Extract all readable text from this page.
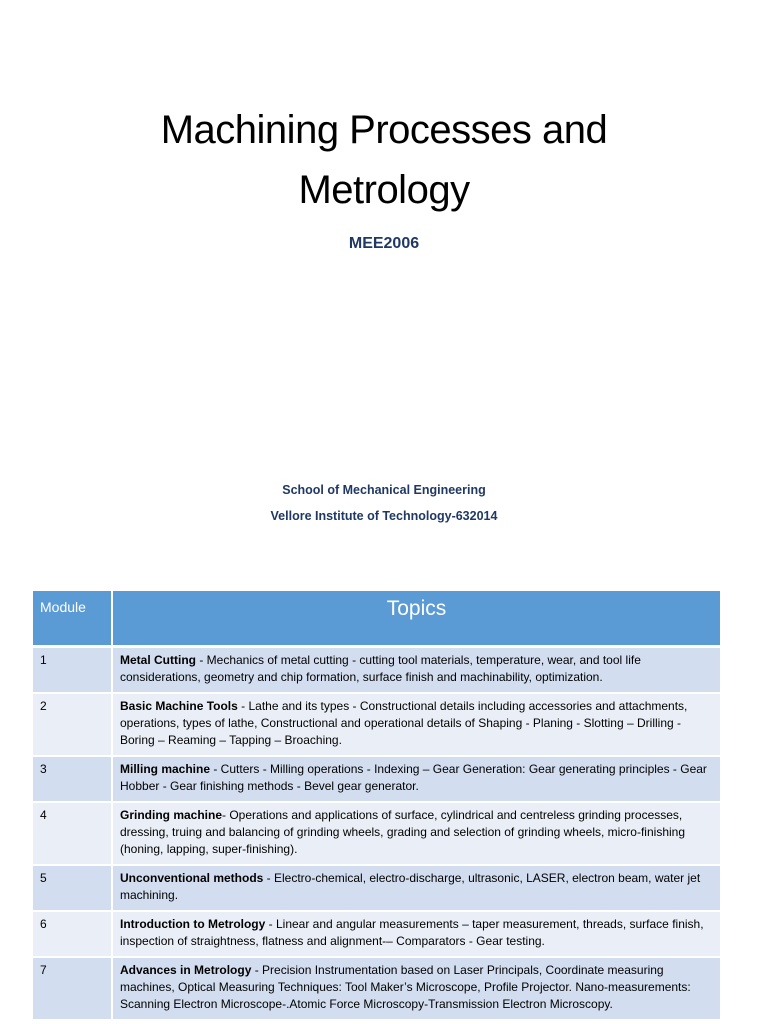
Machining Processes and
Metrology
MEE2006
School of Mechanical Engineering
Vellore Institute of Technology-632014
Module	Topics
1	Metal Cutting - Mechanics of metal cutting - cutting tool materials, temperature, wear, and tool life considerations, geometry and chip formation, surface finish and machinability, optimization.
2	Basic Machine Tools - Lathe and its types - Constructional details including accessories and attachments, operations, types of lathe, Constructional and operational details of Shaping - Planing - Slotting – Drilling - Boring – Reaming – Tapping – Broaching.
3	Milling machine - Cutters - Milling operations - Indexing – Gear Generation: Gear generating principles - Gear Hobber - Gear finishing methods - Bevel gear generator.
4	Grinding machine- Operations and applications of surface, cylindrical and centreless grinding processes, dressing, truing and balancing of grinding wheels, grading and selection of grinding wheels, micro-finishing (honing, lapping, super-finishing).
5	Unconventional methods - Electro-chemical, electro-discharge, ultrasonic, LASER, electron beam, water jet machining.
6	Introduction to Metrology - Linear and angular measurements – taper measurement, threads, surface finish, inspection of straightness, flatness and alignment-– Comparators - Gear testing.
7	Advances in Metrology - Precision Instrumentation based on Laser Principals, Coordinate measuring machines, Optical Measuring Techniques: Tool Maker’s Microscope, Profile Projector. Nano-measurements: Scanning Electron Microscope-.Atomic Force Microscopy-Transmission Electron Microscopy.
